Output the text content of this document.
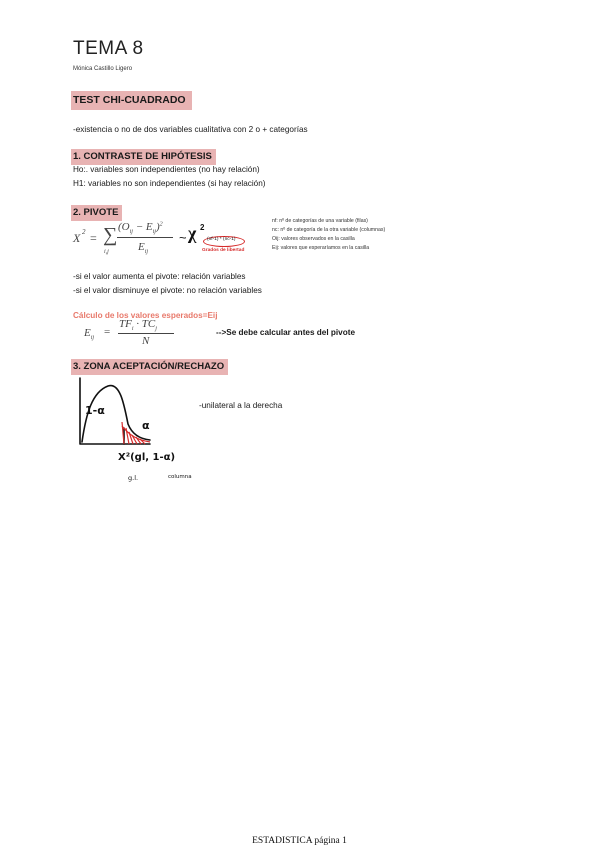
TEMA 8
Mónica Castillo Ligero
TEST CHI-CUADRADO
-existencia o no de dos variables cualitativa con 2 o + categorías
1. CONTRASTE DE HIPÓTESIS
Ho:. variables son independientes (no hay relación)
H1: variables no son independientes (si hay relación)
2. PIVOTE
X 2 = ∑
i,j
$(O_{ij} - E_{ij})^2$
$E_{ij}$
~ χ 2
(nf-1) * (nc-1)
Grados de libertad
nf: nº de categorías de una variable (filas)
nc: nº de categoría de la otra variable (columnas)
Oij: valores observados en la casilla
Eij: valores que esperaríamos en la casilla
-si el valor aumenta el pivote: relación variables
-si el valor disminuye el pivote: no relación variables
Cálculo de los valores esperados=Eij
$E_{ij}$
=
$TF_i \cdot TC_j$
N
-->Se debe calcular antes del pivote
3. ZONA ACEPTACIÓN/RECHAZO
-unilateral a la derecha
1-α
α
X²(gl, 1-α)
g.l.	columna
ESTADISTICA página 1
